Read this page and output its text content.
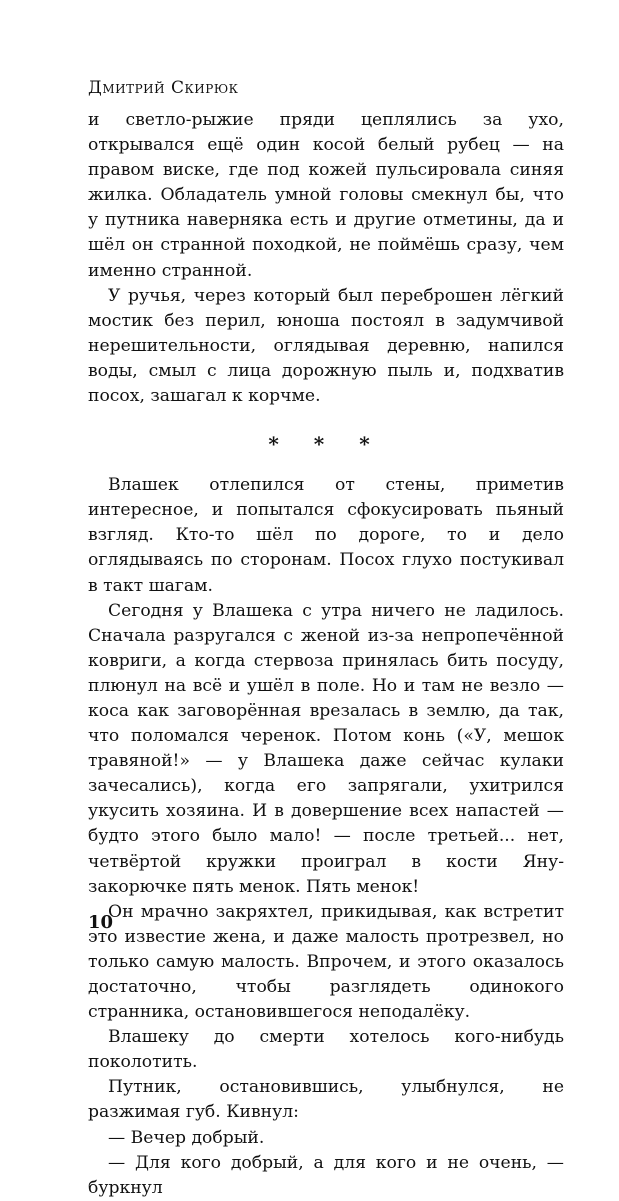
Дмитрий Скирюк

и светло-рыжие пряди цеплялись за ухо, открывался ещё один косой белый рубец — на правом виске, где под кожей пульсировала синяя жилка. Обладатель умной головы смекнул бы, что у путника наверняка есть и другие отметины, да и шёл он странной походкой, не поймёшь сразу, чем именно странной.

У ручья, через который был переброшен лёгкий мостик без перил, юноша постоял в задумчивой нерешительности, оглядывая деревню, напился воды, смыл с лица дорожную пыль и, подхватив посох, зашагал к корчме.

* * *

Влашек отлепился от стены, приметив интересное, и попытался сфокусировать пьяный взгляд. Кто-то шёл по дороге, то и дело оглядываясь по сторонам. Посох глухо постукивал в такт шагам.

Сегодня у Влашека с утра ничего не ладилось. Сначала разругался с женой из-за непропечённой ковриги, а когда стервоза принялась бить посуду, плюнул на всё и ушёл в поле. Но и там не везло — коса как заговорённая врезалась в землю, да так, что поломался черенок. Потом конь («У, мешок травяной!» — у Влашека даже сейчас кулаки зачесались), когда его запрягали, ухитрился укусить хозяина. И в довершение всех напастей — будто этого было мало! — после третьей... нет, четвёртой кружки проиграл в кости Яну-закорючке пять менок. Пять менок!

Он мрачно закряхтел, прикидывая, как встретит это известие жена, и даже малость протрезвел, но только самую малость. Впрочем, и этого оказалось достаточно, чтобы разглядеть одинокого странника, остановившегося неподалёку.

Влашеку до смерти хотелось кого-нибудь поколотить.

Путник, остановившись, улыбнулся, не разжимая губ. Кивнул:

— Вечер добрый.

— Для кого добрый, а для кого и не очень, — буркнул

10
